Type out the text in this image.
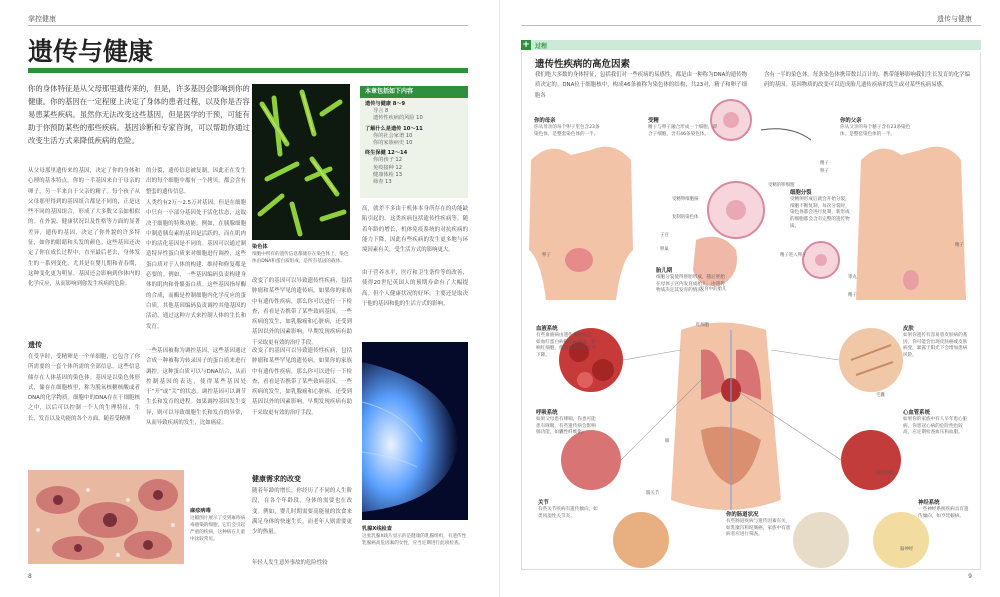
掌控健康
遗传与健康
你的身体特征是从父母那里遗传来的，但是，许多基因会影响到你的健康。你的基因在一定程度上决定了身体的患者过程，以及你是否容易患某些疾病。虽然你无法改变这些基因，但是医学的干预，可能有助于你预防某些的那些疾病。基因诊断和专家咨询，可以帮助你通过改变生活方式来降低疾病的危险。
染色体
细胞中所有的遗传信息都储存在染色体上，染色体由DNA和蛋白质组成，是所有基因的载体。
本章包括如下内容
遗传与健康 8～9
导言 8
遗传性疾病的风险 10
了解什么是遗传 10～11
你的社会家谱 10
你的家族病史 10
终生保健 12～14
你的孩子 12
免疫接种 12
健康体检 13
筛查 13
从父母那里遗传来的基因，决定了你的身体和心理的基本特点。你的一半基因来自于母亲的卵子，另一半来自于父亲的精子。每个孩子从父母那里得到的基因组合都是不同的，正是这些不同的基因组合，形成了大多数父亲如相似的。在外貌、健康状况以及性格等方面的显著差异，遗传的基因，决定了你外貌的许多特征，如你的眼睛和头发的颜色。这些基因还决定了你在成长过程中，直至最后老去，身体发生的一系列变化，尤其是在婴儿期和青春期，这种变化更为明显。基因还会影响到你体内的化学反应，从而影响到你发生疾病的危险。
遗传
在受孕时，受精卵是一个单细胞，它包含了你所需要的一套个体所需的全部信息，这些信息储存在人体基因的染色体。基因是以染色体形式，储存在细胞核里，称为脱氧核糖核酸或者DNA的化学物质。细胞中的DNA存在于细胞核之中，以后可以控制一个人的生理特征、生长、发育以及功能的各个方面。随着受精卵
的分裂，遗传信息被复制，因此正在发生出的每个细胞中都有一个拷贝。都会含有整套的遗传信息。
人类约有2万～2.5万对基因，但是在细胞中只有一小部分基因处于活化状态，这取决于细胞的特殊功能。例如，在胰腺细胞中制造胰岛素的基因是活跃的，而在肌肉中的活化基因是不同的。基因可以通过制造特异性蛋白质来对细胞进行调控，这些蛋白质对于人体的构建、维持和修复都是必要的。例如，一些基因编码负责构建身体的肌肉和骨骼蛋白质。这些基因指导酶的合成，而酶是控制细胞内化学反应的蛋白质。其他基因编码负责调控其他基因的活动，通过这种方式来控制人体的生长和发育。
一些基因被称为调控基因，这些基因通过合成一种被称为转录因子的蛋白质来进行调控。这种蛋白质可以与DNA结合，从而控制基因的表达，使得某些基因处于“开”或“关”的状态。调控基因可以调节生长和发育的进程。如果调控基因发生变异，则可以导致细胞生长和发育的异常，从而导致疾病的发生，比如癌症。
改变了的基因可以导致遗传性疾病，包括肿瘤和某些罕见的遗传病。如果你的家族中有遗传性疾病，那么你可以进行一下检查，看看是否携带了某些致病基因。一些疾病的发生，如乳腺癌和心脏病，还受到基因以外的因素影响。早期发现疾病有助于采取更有效的治疗手段。
高，就差不多由于机体本身所存在的功能缺陷引起的。这类疾病包括遗传性疾病等。随着年龄的增长，机体免疫系统的对抗疾病的能力下降，因此有些疾病的发生更多地与环境因素有关，受生活方式的影响更大。
由于营养水平、医疗和卫生条件等的改善，使得20世纪英国人的预期寿命有了大幅提高。但个人健康状况的好坏，主要还是取决于他的基因和他的生活方式的影响。
改变了的基因可以导致遗传性疾病，包括肿瘤和某些罕见的遗传病。如果你的家族中有遗传性疾病，那么你可以进行一下检查，看看是否携带了某些致病基因。一些疾病的发生，如乳腺癌和心脏病，还受到基因以外的因素影响。早期发现疾病有助于采取更有效的治疗手段。
健康需求的改变
随着年龄的增长，你经历了不同的人生阶段，在各个年龄段，身体的需要也在改变。例如，婴儿时期需要高能量的饮食来满足身体的快速生长，而老年人则需要更少的热量。
年轻人发生意外事故的危险性较
麻疹病毒
这幅图片展示了受到麻疹病毒感染的细胞，它们会引起严重的疾病，这种病在儿童中比较常见。
乳腺X线检查
这张乳腺X线片显示的是健康的乳腺组织，有遗传性乳腺癌高危因素的女性，应当定期进行此项检查。
8
遗传与健康
9
+ 过程
遗传性疾病的高危因素
我们绝大多数的身体特征，包括我们对一些疾病的易感性，都是由一种称为DNA的遗传物质决定的。DNA位于细胞核中，构成46条被称为染色体的结构，共23对，精子和卵子细胞各
含有一半的染色体。每条染色体携带数以百计的、携带能够影响我们生长发育的化学编码的基因。基因物质的改变可以造成胎儿遗传疾病的发生或对某些疾病易感。
你的母亲
你从母亲的每个卵子里包含23条染色体，是整套染色体的一半。
受精
精子与卵子融合形成一个细胞，即合子细胞，含有46条染色体。
你的父亲
你从父亲的每个精子含有23条染色体，是整套染色体的一半。
细胞分裂
受精卵形成后就会开始分裂，细胞不断复制，每次分裂时，染色体都会进行复制，新形成的细胞都会含有完整的遗传物质。
胎儿期
细胞分裂使得胚胎形成，随后胚胎在母体子宫内发育成胎儿，由遗传物质决定其发育的情况。
血液系统
有些血液病由遗传基因引起，如血红蛋白病和凝血障碍。影响红细胞，使其携带氧的能力下降。
皮肤
如果你遗传有容易患皮肤病的基因，你可能会出现皮肤癌或皮肤病变，暴露于阳光下会增加患病风险。
呼吸系统
如果父母患有哮喘，你也可能患有哮喘，有些遗传病会影响肺功能，如囊性纤维化。
心血管系统
如果你的家族中有人早年患心脏病，你患冠心病的危险性也较高，应定期检查血压和血脂。
关节
有些关节疾病有遗传倾向，如类风湿性关节炎。	你的肠道状况
有些肠道疾病与遗传因素有关，如乳糜泻和结肠癌，家族中有患病者应进行筛查。
神经系统
一些神经系统疾病具有遗传倾向，如亨廷顿病。
精子
卵子
受精的卵细胞
受精卵细胞核
复制的染色体
子宫
卵子
卵巢
精子进入卵子
睾丸
精子
精子
红细胞
毛囊
肺
冠状动脉
髋关节
脑神经
发育中的胎儿
